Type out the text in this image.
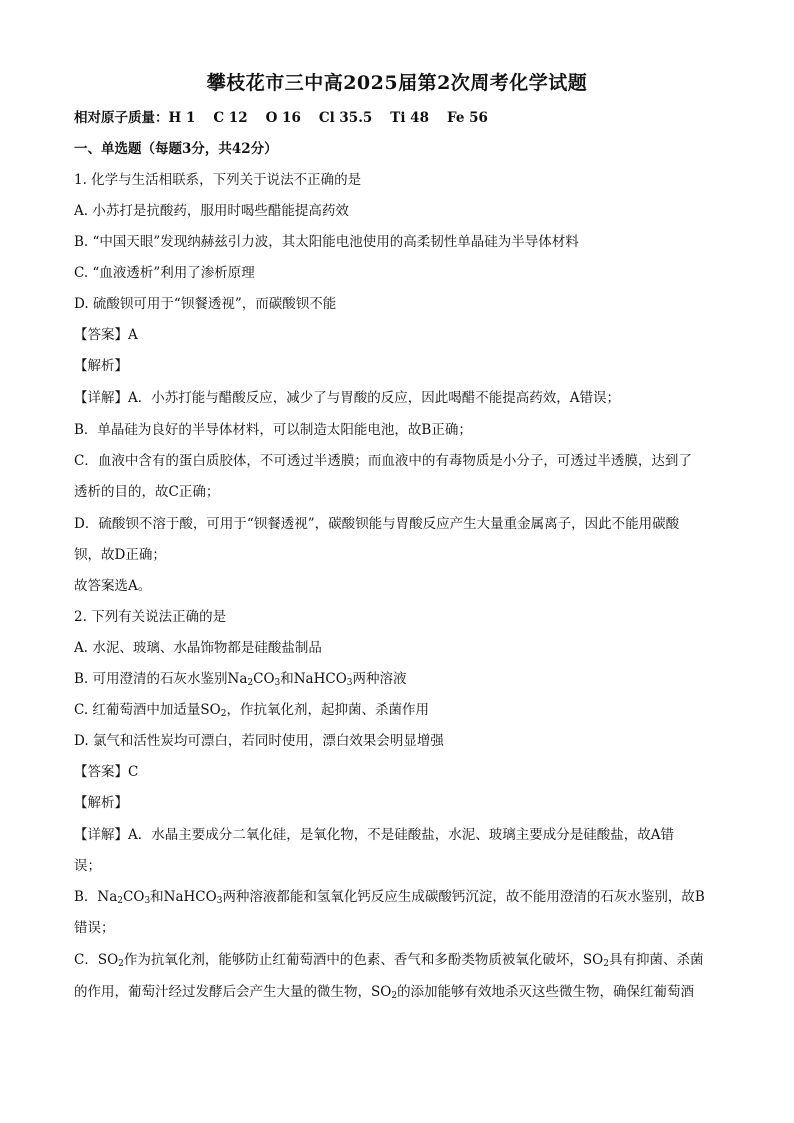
攀枝花市三中高2025届第2次周考化学试题
相对原子质量：H 1 C 12 O 16 Cl 35.5 Ti 48 Fe 56
一、单选题（每题3分，共42分）
1. 化学与生活相联系，下列关于说法不正确的是
A. 小苏打是抗酸药，服用时喝些醋能提高药效
B. “中国天眼”发现纳赫兹引力波，其太阳能电池使用的高柔韧性单晶硅为半导体材料
C. “血液透析”利用了渗析原理
D. 硫酸钡可用于“钡餐透视”，而碳酸钡不能
【答案】A
【解析】
【详解】A．小苏打能与醋酸反应，减少了与胃酸的反应，因此喝醋不能提高药效，A错误；
B．单晶硅为良好的半导体材料，可以制造太阳能电池，故B正确；
C．血液中含有的蛋白质胶体，不可透过半透膜；而血液中的有毒物质是小分子，可透过半透膜，达到了
透析的目的，故C正确；
D．硫酸钡不溶于酸，可用于“钡餐透视”，碳酸钡能与胃酸反应产生大量重金属离子，因此不能用碳酸
钡，故D正确；
故答案选A。
2. 下列有关说法正确的是
A. 水泥、玻璃、水晶饰物都是硅酸盐制品
B. 可用澄清的石灰水鉴别$Na_2CO_3$和NaHCO$_3$两种溶液
C. 红葡萄酒中加适量$SO_2$，作抗氧化剂，起抑菌、杀菌作用
D. 氯气和活性炭均可漂白，若同时使用，漂白效果会明显增强
【答案】C
【解析】
【详解】A．水晶主要成分二氧化硅，是氧化物，不是硅酸盐，水泥、玻璃主要成分是硅酸盐，故A错
误；
B．$Na_2CO_3$和NaHCO$_3$两种溶液都能和氢氧化钙反应生成碳酸钙沉淀，故不能用澄清的石灰水鉴别，故B
错误；
C．$SO_2$作为抗氧化剂，能够防止红葡萄酒中的色素、香气和多酚类物质被氧化破坏，$SO_2$具有抑菌、杀菌
的作用，葡萄汁经过发酵后会产生大量的微生物，$SO_2$的添加能够有效地杀灭这些微生物，确保红葡萄酒
